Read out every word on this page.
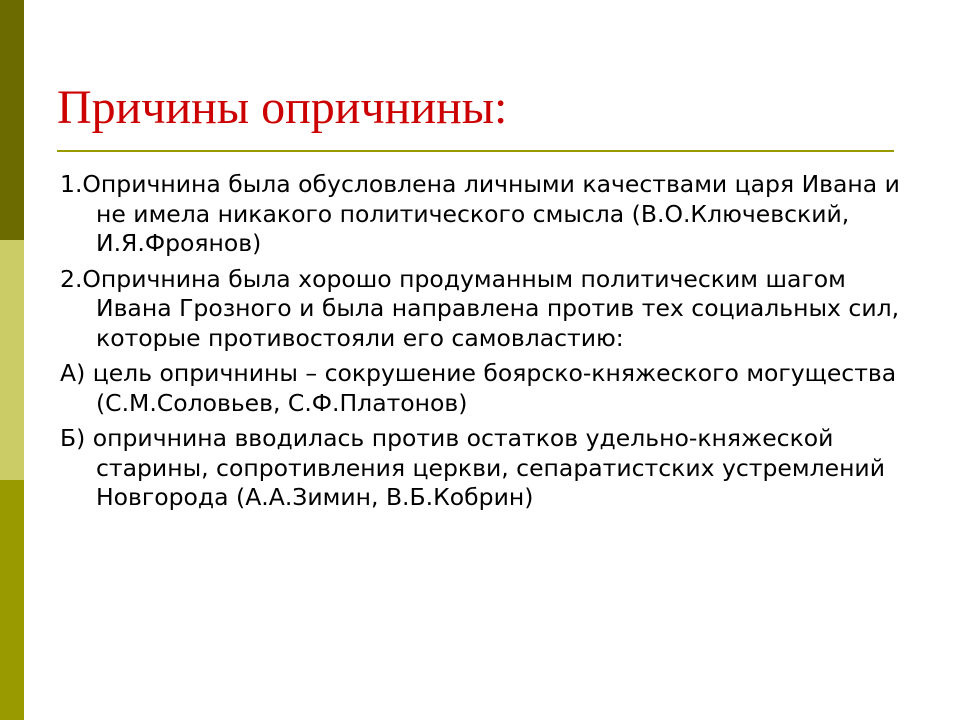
Причины опричнины:

1.Опричнина была обусловлена личными качествами царя Ивана и не имела никакого политического смысла (В.О.Ключевский, И.Я.Фроянов)

2.Опричнина была хорошо продуманным политическим шагом Ивана Грозного и была направлена против тех социальных сил, которые противостояли его самовластию:

А) цель опричнины – сокрушение боярско-княжеского могущества (С.М.Соловьев, С.Ф.Платонов)

Б) опричнина вводилась против остатков удельно-княжеской старины, сопротивления церкви, сепаратистских устремлений Новгорода (А.А.Зимин, В.Б.Кобрин)
